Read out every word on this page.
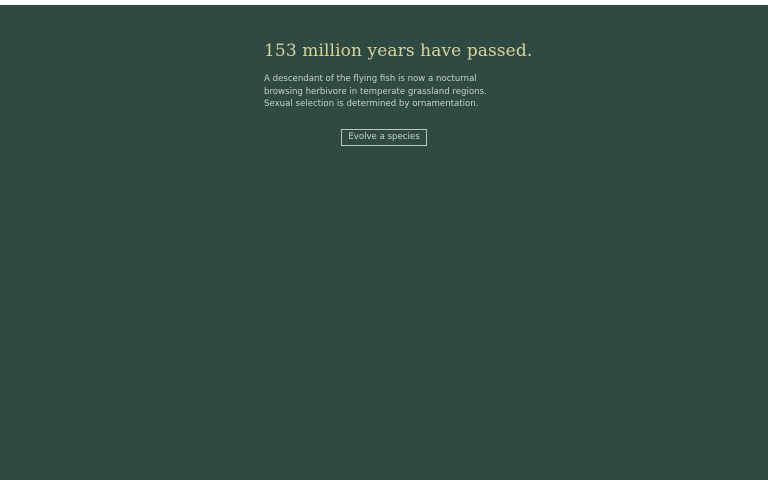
153 million years have passed.
A descendant of the flying fish is now a nocturnal
browsing herbivore in temperate grassland regions.
Sexual selection is determined by ornamentation.
Evolve a species
